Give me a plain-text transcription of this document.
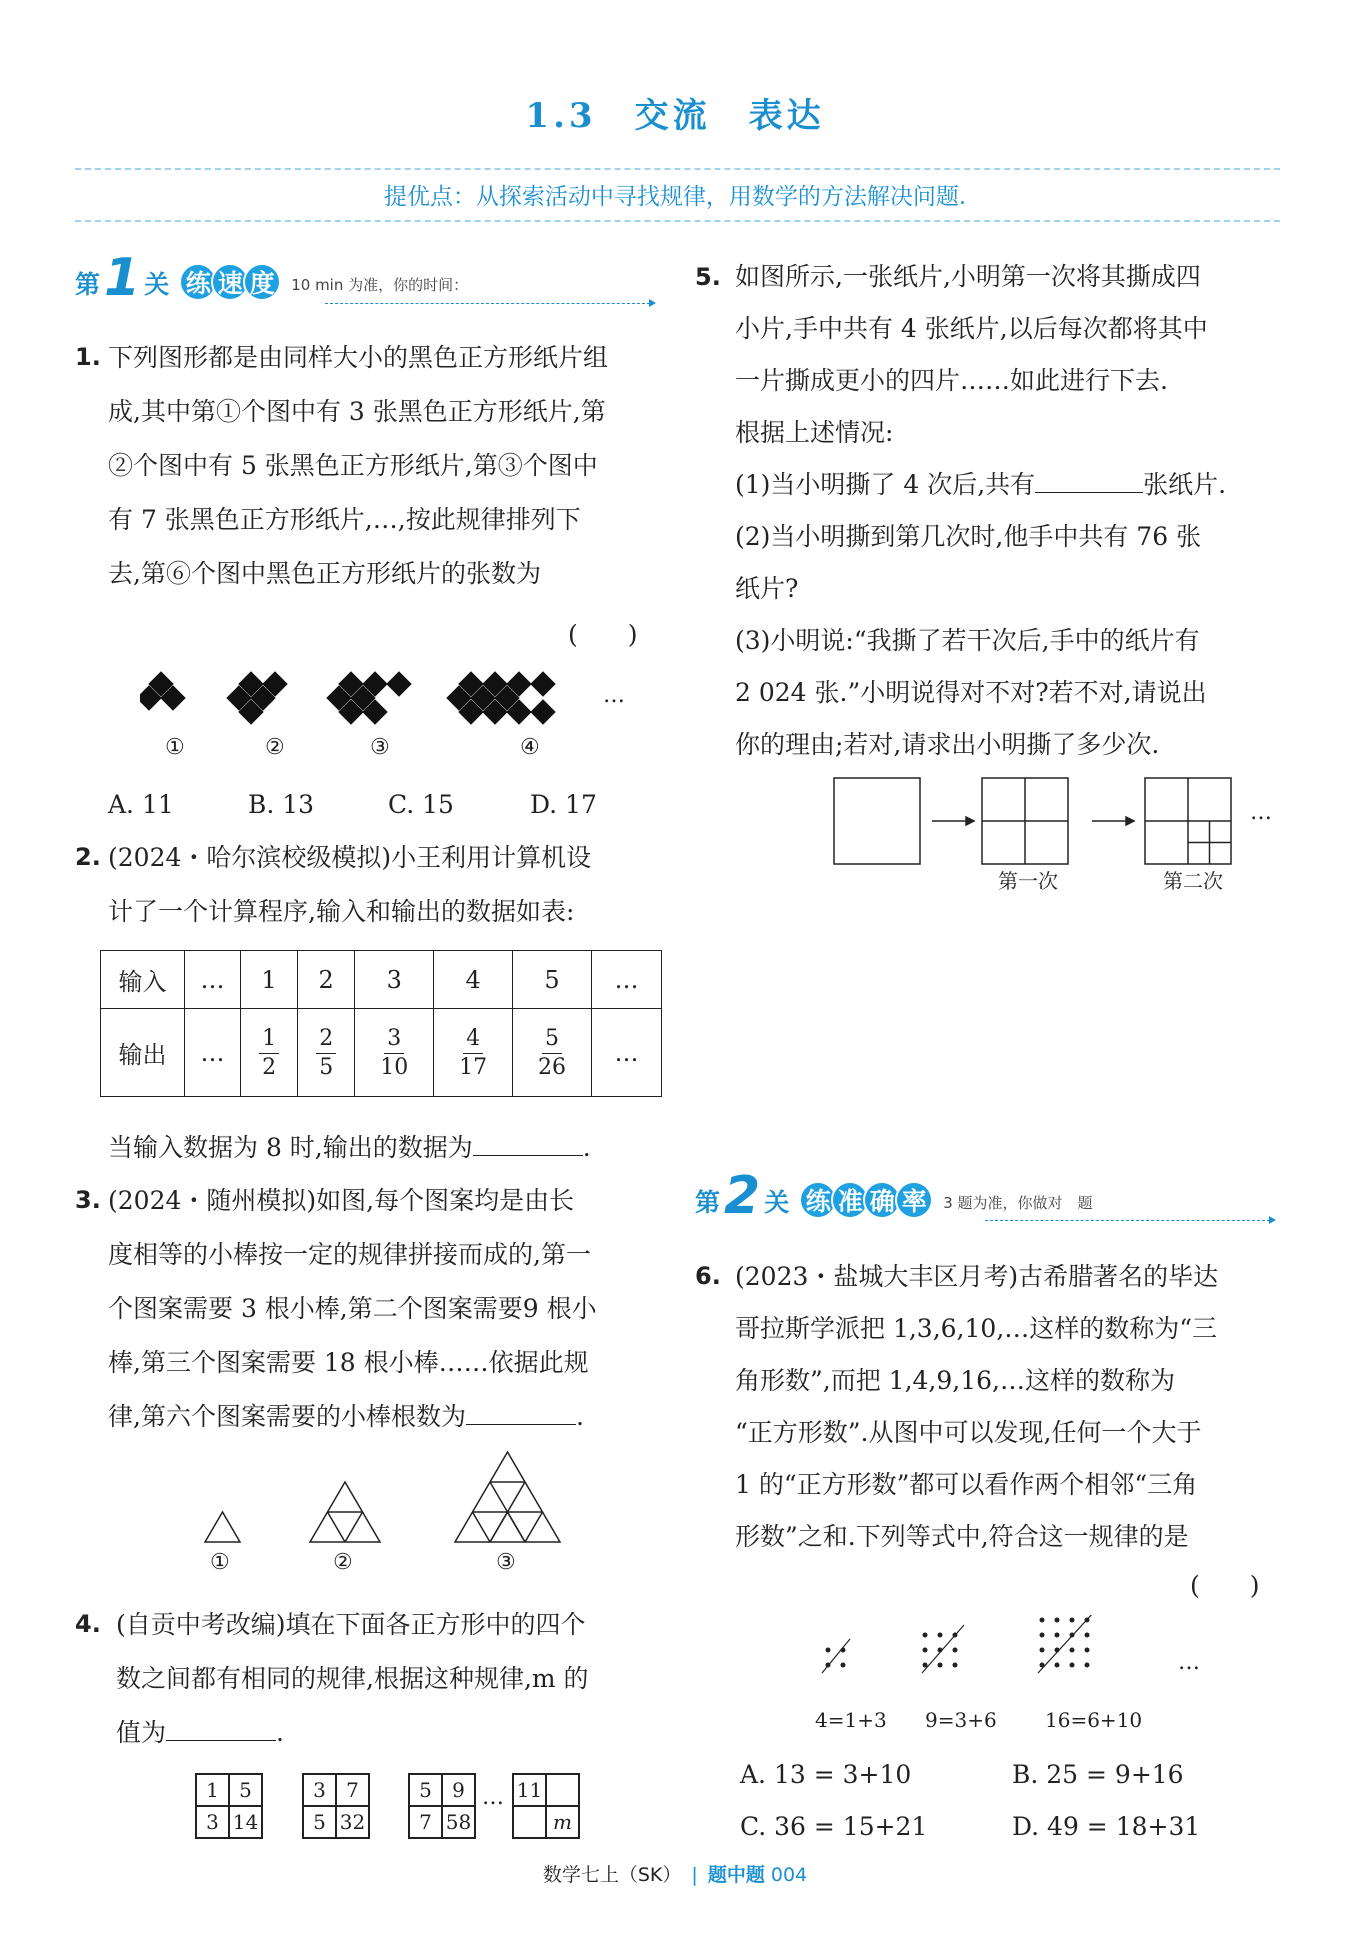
1.3　交流　表达
提优点：从探索活动中寻找规律，用数学的方法解决问题.
第 1 关 练 速 度	10 min 为准，你的时间：
1. 下列图形都是由同样大小的黑色正方形纸片组
成,其中第①个图中有 3 张黑色正方形纸片,第
②个图中有 5 张黑色正方形纸片,第③个图中
有 7 张黑色正方形纸片,…,按此规律排列下
去,第⑥个图中黑色正方形纸片的张数为
(　　)
…
①	②	③	④
A. 11	B. 13	C. 15	D. 17
2. (2024・哈尔滨校级模拟)小王利用计算机设
计了一个计算程序,输入和输出的数据如表:
输入	…	1	2	3	4	5	…
输出	…	$\frac{1}{2}$	$\frac{2}{5}$	$\frac{3}{10}$	$\frac{4}{17}$	$\frac{5}{26}$	…
当输入数据为 8 时,输出的数据为	.
3. (2024・随州模拟)如图,每个图案均是由长
度相等的小棒按一定的规律拼接而成的,第一
个图案需要 3 根小棒,第二个图案需要9 根小
棒,第三个图案需要 18 根小棒……依据此规
律,第六个图案需要的小棒根数为	.
①	②	③
4. (自贡中考改编)填在下面各正方形中的四个
数之间都有相同的规律,根据这种规律,m 的
值为	.
1	5
3 14
3	7
5 32
5	9
7 58
… 11
m
5. 如图所示,一张纸片,小明第一次将其撕成四
小片,手中共有 4 张纸片,以后每次都将其中
一片撕成更小的四片……如此进行下去.
根据上述情况:
(1)当小明撕了 4 次后,共有	张纸片.
(2)当小明撕到第几次时,他手中共有 76 张
纸片?
(3)小明说:“我撕了若干次后,手中的纸片有
2 024 张.”小明说得对不对?若不对,请说出
你的理由;若对,请求出小明撕了多少次.
…
第一次	第二次
第 2 关 练 准 确 率	3 题为准，你做对　题
6. (2023・盐城大丰区月考)古希腊著名的毕达
哥拉斯学派把 1,3,6,10,…这样的数称为“三
角形数”,而把 1,4,9,16,…这样的数称为
“正方形数”.从图中可以发现,任何一个大于
1 的“正方形数”都可以看作两个相邻“三角
形数”之和.下列等式中,符合这一规律的是
(　　)
…
4=1+3 9=3+6 16=6+10
A. 13 = 3+10	B. 25 = 9+16
C. 36 = 15+21	D. 49 = 18+31
数学七上（SK） | 题中题 004
